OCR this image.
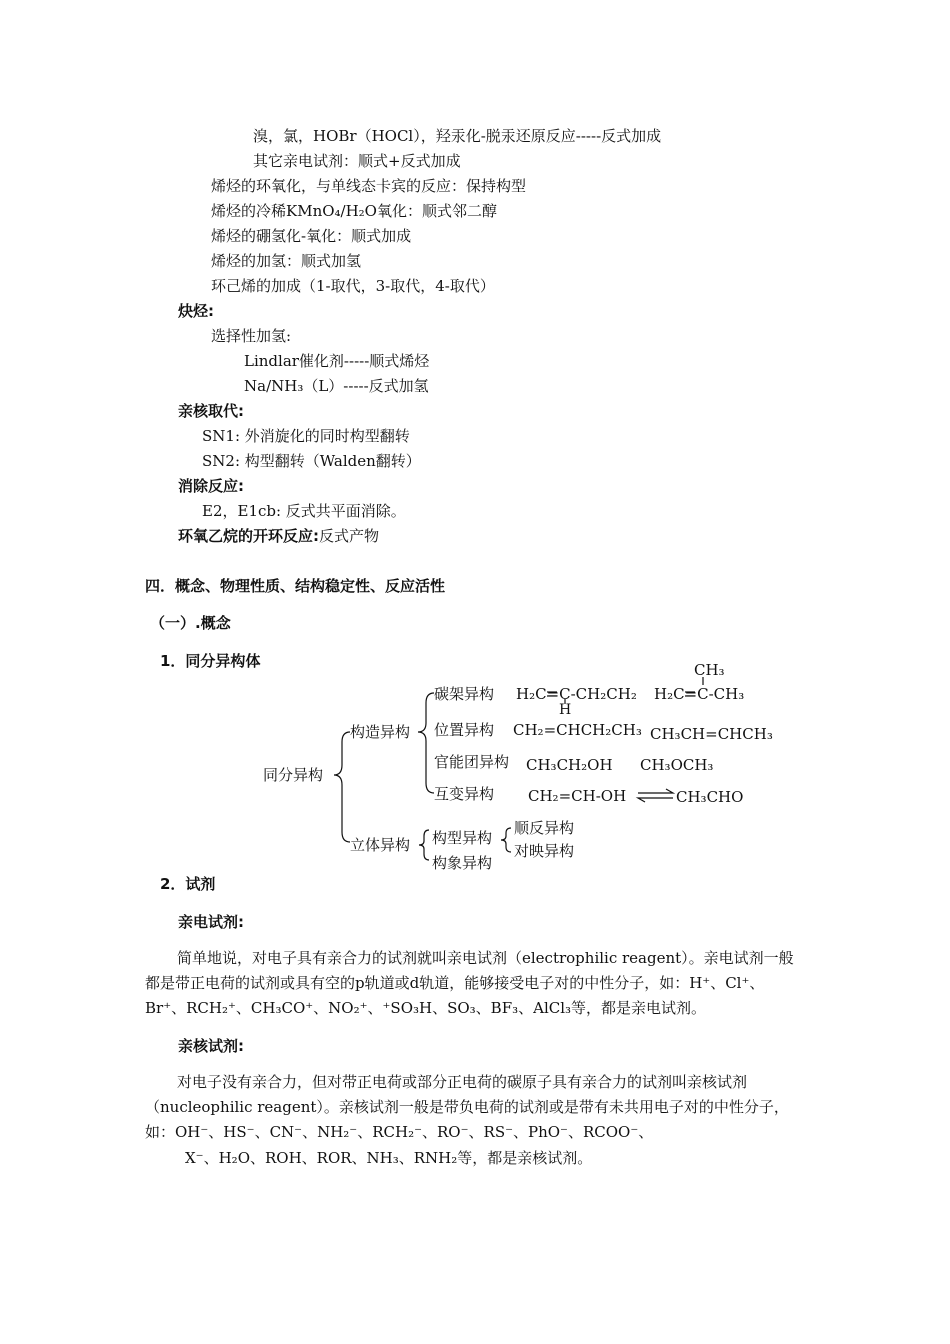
溴，氯，HOBr（HOCl），羟汞化-脱汞还原反应-----反式加成
其它亲电试剂：顺式+反式加成
烯烃的环氧化，与单线态卡宾的反应：保持构型
烯烃的冷稀KMnO₄/H₂O氧化：顺式邻二醇
烯烃的硼氢化-氧化：顺式加成
烯烃的加氢：顺式加氢
环己烯的加成（1-取代，3-取代，4-取代）
炔烃:
选择性加氢:
Lindlar催化剂-----顺式烯烃
Na/NH₃（L）-----反式加氢
亲核取代:
SN1: 外消旋化的同时构型翻转
SN2: 构型翻转（Walden翻转）
消除反应:
E2，E1cb: 反式共平面消除。
环氧乙烷的开环反应:反式产物
四．概念、物理性质、结构稳定性、反应活性
（一）.概念
1．同分异构体
同分异构
构造异构
立体异构
碳架异构
位置异构
官能团异构
互变异构
构型异构
构象异构
顺反异构
对映异构
H₂C=C-CH₂CH₂
H
H₂C=C-CH₃
CH₃
CH₂=CHCH₂CH₃ CH₃CH=CHCH₃
CH₃CH₂OH CH₃OCH₃
CH₂=CH-OH	CH₃CHO
2．试剂
亲电试剂:
简单地说，对电子具有亲合力的试剂就叫亲电试剂（electrophilic reagent）。亲电试剂一般都是带正电荷的试剂或具有空的p轨道或d轨道，能够接受电子对的中性分子，如：H⁺、Cl⁺、Br⁺、RCH₂⁺、CH₃CO⁺、NO₂⁺、⁺SO₃H、SO₃、BF₃、AlCl₃等，都是亲电试剂。
亲核试剂:
对电子没有亲合力，但对带正电荷或部分正电荷的碳原子具有亲合力的试剂叫亲核试剂（nucleophilic reagent）。亲核试剂一般是带负电荷的试剂或是带有未共用电子对的中性分子，如：OH⁻、HS⁻、CN⁻、NH₂⁻、RCH₂⁻、RO⁻、RS⁻、PhO⁻、RCOO⁻、
X⁻、H₂O、ROH、ROR、NH₃、RNH₂等，都是亲核试剂。
